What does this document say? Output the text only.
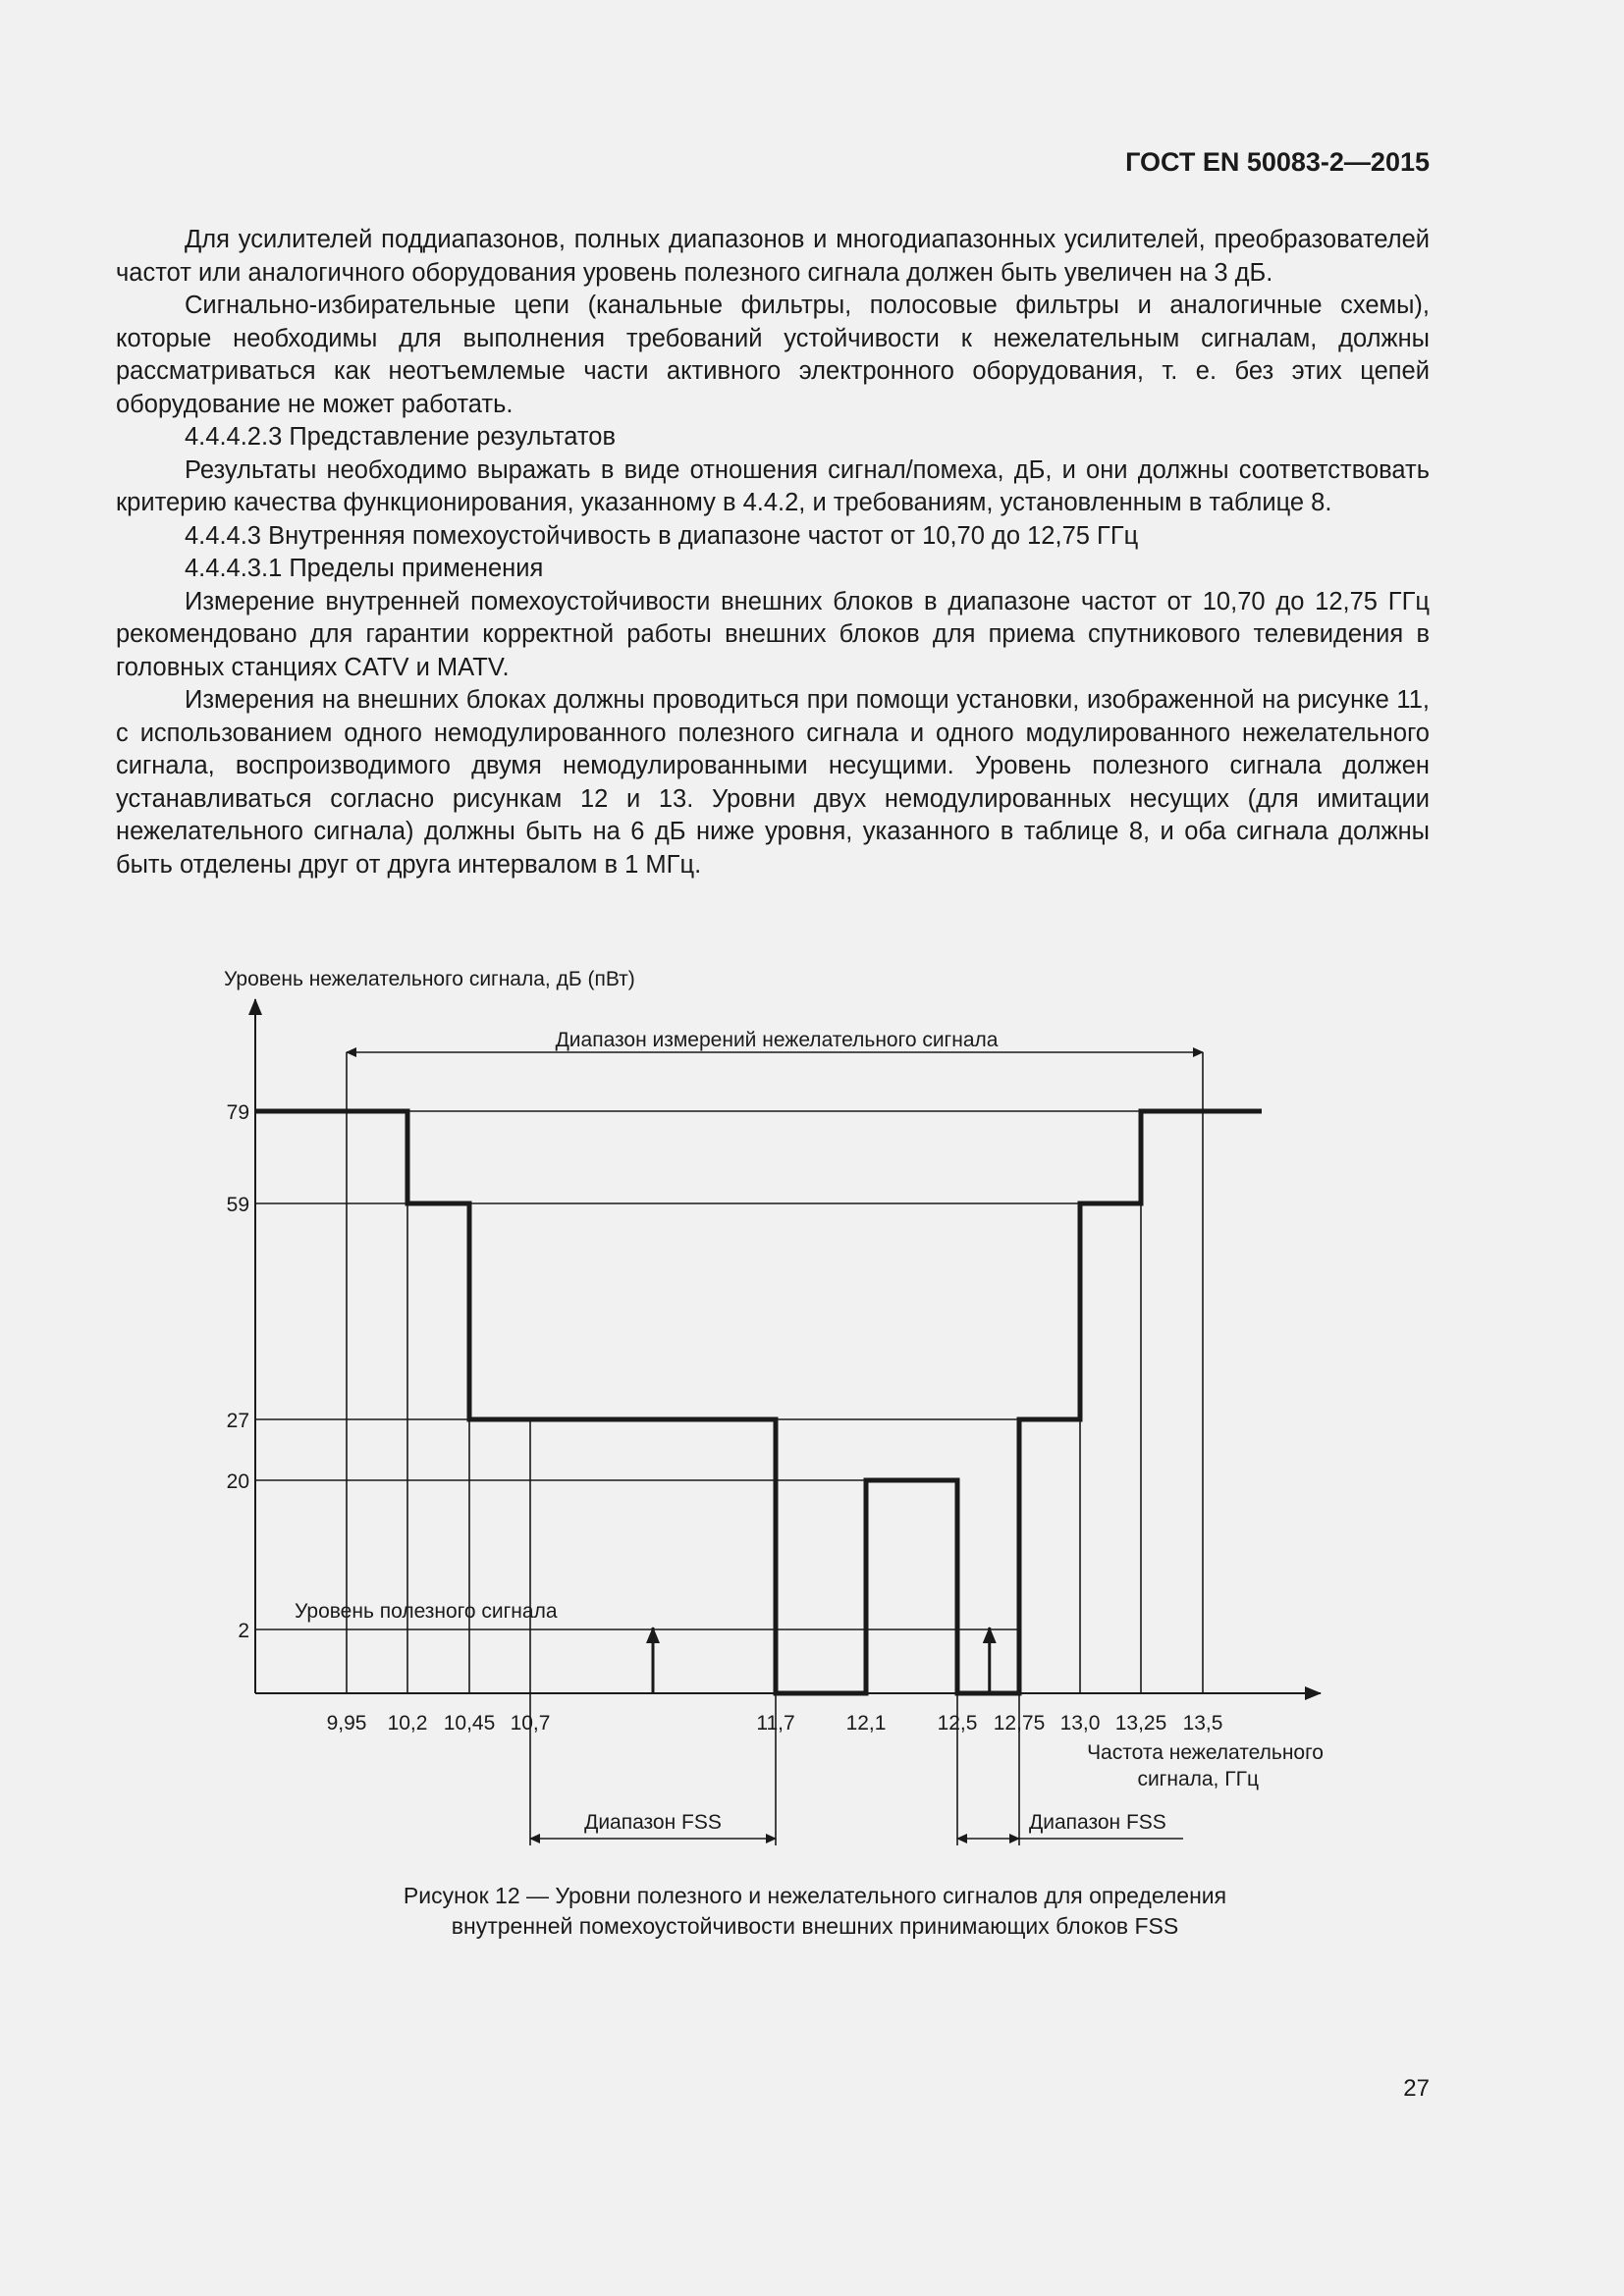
ГОСТ EN 50083-2—2015

Для усилителей поддиапазонов, полных диапазонов и многодиапазонных усилителей, преобразователей частот или аналогичного оборудования уровень полезного сигнала должен быть увеличен на 3 дБ.

Сигнально-избирательные цепи (канальные фильтры, полосовые фильтры и аналогичные схемы), которые необходимы для выполнения требований устойчивости к нежелательным сигналам, должны рассматриваться как неотъемлемые части активного электронного оборудования, т. е. без этих цепей оборудование не может работать.

4.4.4.2.3 Представление результатов

Результаты необходимо выражать в виде отношения сигнал/помеха, дБ, и они должны соответствовать критерию качества функционирования, указанному в 4.4.2, и требованиям, установленным в таблице 8.

4.4.4.3 Внутренняя помехоустойчивость в диапазоне частот от 10,70 до 12,75 ГГц

4.4.4.3.1 Пределы применения

Измерение внутренней помехоустойчивости внешних блоков в диапазоне частот от 10,70 до 12,75 ГГц рекомендовано для гарантии корректной работы внешних блоков для приема спутникового телевидения в головных станциях CATV и MATV.

Измерения на внешних блоках должны проводиться при помощи установки, изображенной на рисунке 11, с использованием одного немодулированного полезного сигнала и одного модулированного нежелательного сигнала, воспроизводимого двумя немодулированными несущими. Уровень полезного сигнала должен устанавливаться согласно рисункам 12 и 13. Уровни двух немодулированных несущих (для имитации нежелательного сигнала) должны быть на 6 дБ ниже уровня, указанного в таблице 8, и оба сигнала должны быть отделены друг от друга интервалом в 1 МГц.

Диапазон измерений нежелательного сигнала
Уровень полезного сигнала
Диапазон FSS	Диапазон FSS
2
20
27
59
79
9,95 10,2 10,45 10,7	11,7 12,1 12,5 12,75 13,0 13,25 13,5
Уровень нежелательного сигнала, дБ (пВт)
Частота нежелательного
сигнала, ГГц
Рисунок 12 — Уровни полезного и нежелательного сигналов для определения
внутренней помехоустойчивости внешних принимающих блоков FSS
27
